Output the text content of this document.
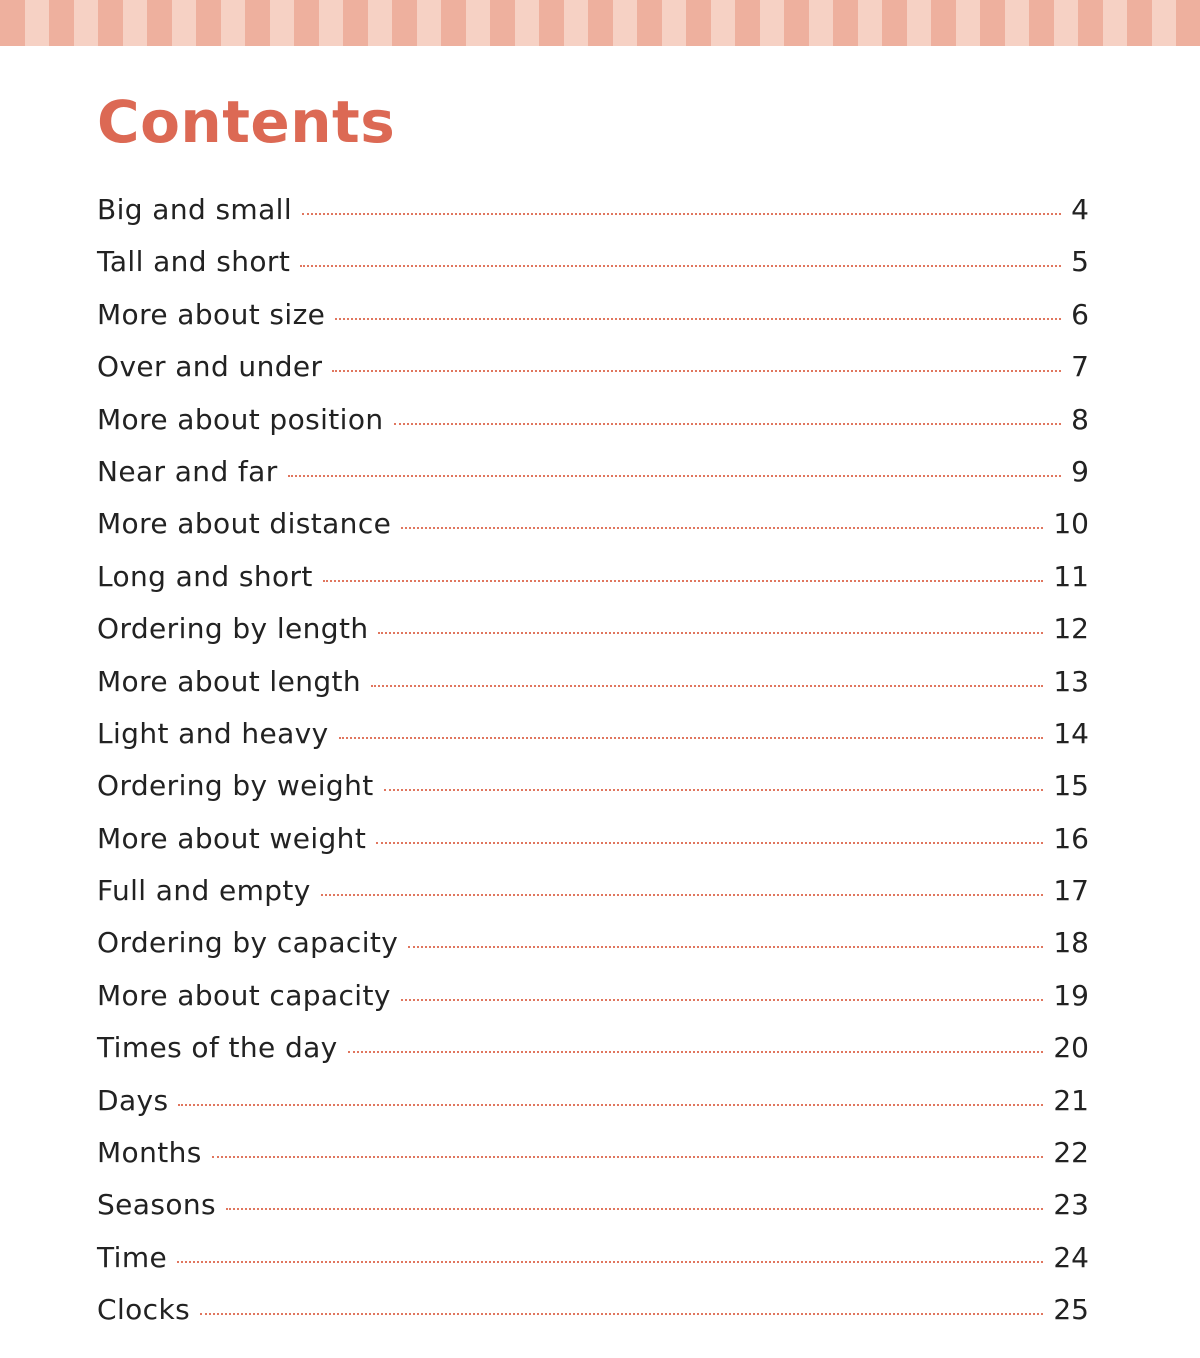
Contents
Big and small	4
Tall and short	5
More about size	6
Over and under	7
More about position	8
Near and far	9
More about distance	10
Long and short	11
Ordering by length	12
More about length	13
Light and heavy	14
Ordering by weight	15
More about weight	16
Full and empty	17
Ordering by capacity	18
More about capacity	19
Times of the day	20
Days	21
Months	22
Seasons	23
Time	24
Clocks	25
